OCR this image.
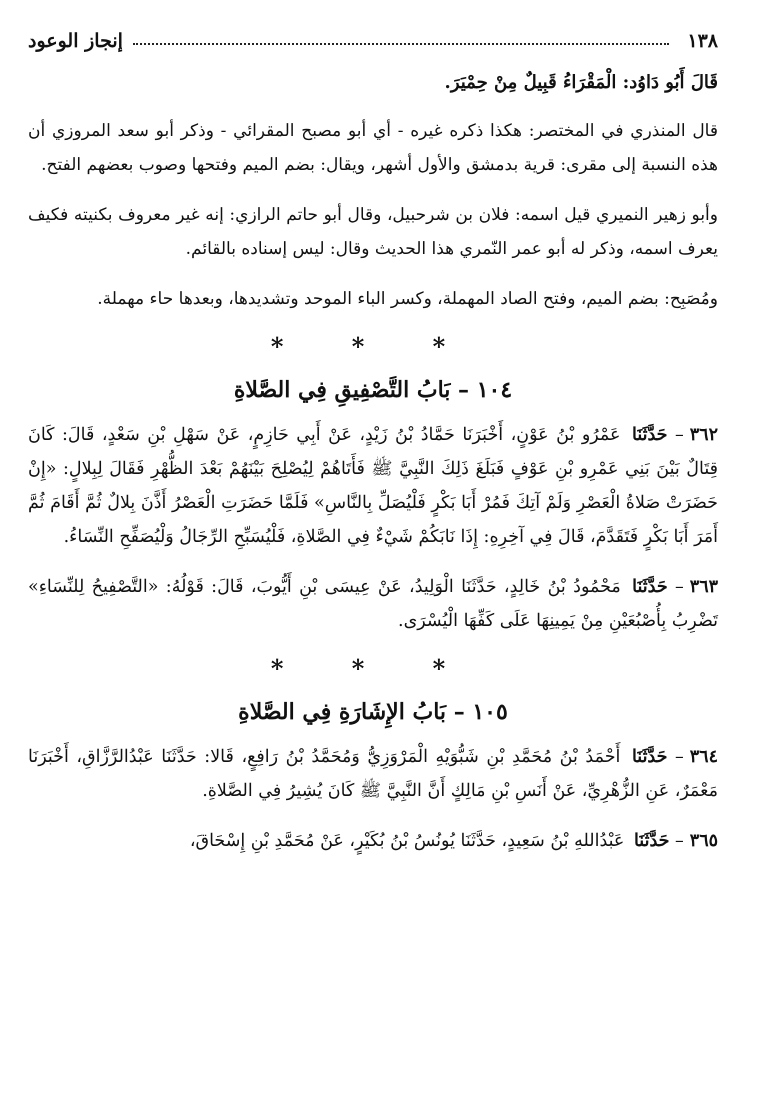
١٣٨
إنجاز الوعود

قَالَ أَبُو دَاوُد: الْمَقْرَاءُ قَبِيلٌ مِنْ حِمْيَرَ.

قال المنذري في المختصر: هكذا ذكره غيره - أي أبو مصبح المقرائي - وذكر أبو سعد المروزي أن هذه النسبة إلى مقرى: قرية بدمشق والأول أشهر، ويقال: بضم الميم وفتحها وصوب بعضهم الفتح.

وأبو زهير النميري قيل اسمه: فلان بن شرحبيل، وقال أبو حاتم الرازي: إنه غير معروف بكنيته فكيف يعرف اسمه، وذكر له أبو عمر النّمري هذا الحديث وقال: ليس إسناده بالقائم.

ومُصَبِح: بضم الميم، وفتح الصاد المهملة، وكسر الباء الموحد وتشديدها، وبعدها حاء مهملة.

* * *
١٠٤ – بَابُ التَّصْفِيقِ فِي الصَّلاةِ

٣٦٢– حَدَّثَنَا عَمْرُو بْنُ عَوْنٍ، أَخْبَرَنَا حَمَّادُ بْنُ زَيْدٍ، عَنْ أَبِي حَازِمٍ، عَنْ سَهْلِ بْنِ سَعْدٍ، قَالَ: كَانَ قِتَالٌ بَيْنَ بَنِي عَمْرِو بْنِ عَوْفٍ فَبَلَغَ ذَلِكَ النَّبِيَّ ﷺ فَأَتَاهُمْ لِيُصْلِحَ بَيْنَهُمْ بَعْدَ الظُّهْرِ فَقَالَ لِبِلالٍ: «إِنْ حَضَرَتْ صَلاةُ الْعَصْرِ وَلَمْ آتِكَ فَمُرْ أَبَا بَكْرٍ فَلْيُصَلِّ بِالنَّاسِ» فَلَمَّا حَضَرَتِ الْعَصْرُ أَذَّنَ بِلالٌ ثُمَّ أَقَامَ ثُمَّ أَمَرَ أَبَا بَكْرٍ فَتَقَدَّمَ، قَالَ فِي آخِرِهِ: إِذَا نَابَكُمْ شَيْءٌ فِي الصَّلاةِ، فَلْيُسَبِّحِ الرِّجَالُ وَلْيُصَفِّحِ النِّسَاءُ.

٣٦٣– حَدَّثَنَا مَحْمُودُ بْنُ خَالِدٍ، حَدَّثَنَا الْوَلِيدُ، عَنْ عِيسَى بْنِ أَيُّوبَ، قَالَ: قَوْلُهُ: «التَّصْفِيحُ لِلنِّسَاءِ» تَضْرِبُ بِأُصْبُعَيْنِ مِنْ يَمِينِهَا عَلَى كَفِّهَا الْيُسْرَى.

* * *
١٠٥ – بَابُ الإِشَارَةِ فِي الصَّلاةِ

٣٦٤– حَدَّثَنَا أَحْمَدُ بْنُ مُحَمَّدِ بْنِ شَبُّوَيْهِ الْمَرْوَزِيُّ وَمُحَمَّدُ بْنُ رَافِعٍ، قَالا: حَدَّثَنَا عَبْدُالرَّزَّاقِ، أَخْبَرَنَا مَعْمَرٌ، عَنِ الزُّهْرِيِّ، عَنْ أَنَسِ بْنِ مَالِكٍ أَنَّ النَّبِيَّ ﷺ كَانَ يُشِيرُ فِي الصَّلاةِ.

٣٦٥– حَدَّثَنَا عَبْدُاللهِ بْنُ سَعِيدٍ، حَدَّثَنَا يُونُسُ بْنُ بُكَيْرٍ، عَنْ مُحَمَّدِ بْنِ إِسْحَاقَ،
